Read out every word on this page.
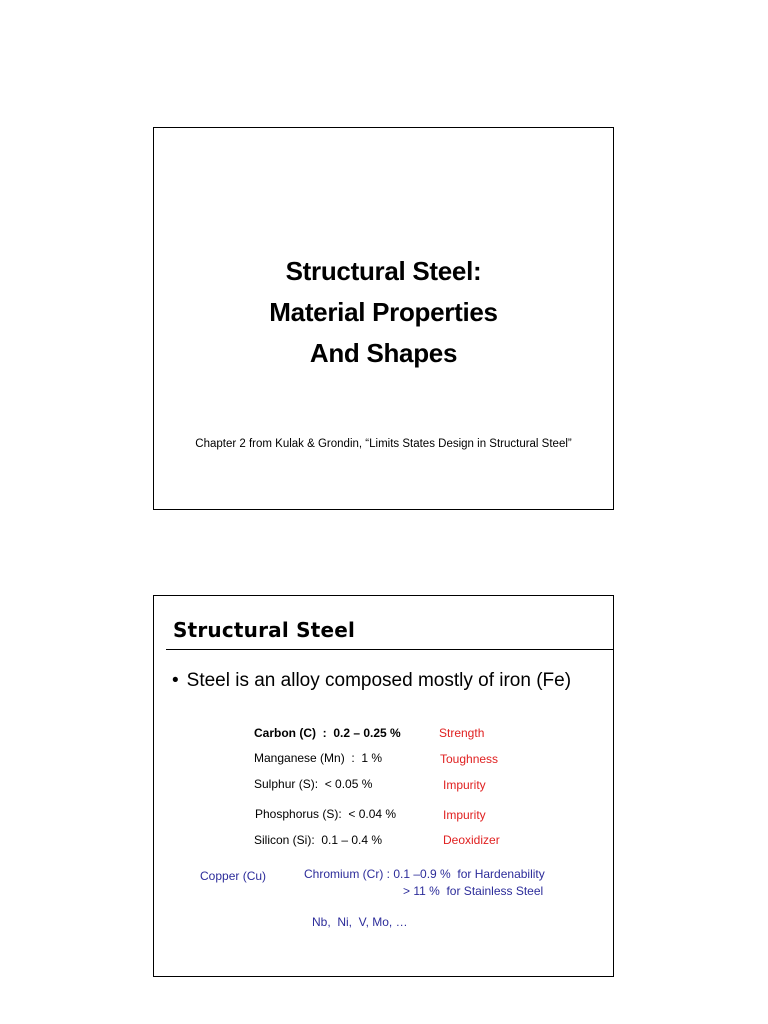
Structural Steel:
Material Properties
And Shapes
Chapter 2 from Kulak & Grondin, “Limits States Design in Structural Steel”
Structural Steel
• Steel is an alloy composed mostly of iron (Fe)
Carbon (C)  :  0.2 – 0.25 %	Strength
Manganese (Mn)  :  1 %	Toughness
Sulphur (S):  < 0.05 %	Impurity
Phosphorus (S):  < 0.04 %	Impurity
Silicon (Si):  0.1 – 0.4 %	Deoxidizer
Copper (Cu)	Chromium (Cr) : 0.1 –0.9 %  for Hardenability
> 11 %  for Stainless Steel
Nb,  Ni,  V, Mo, …
